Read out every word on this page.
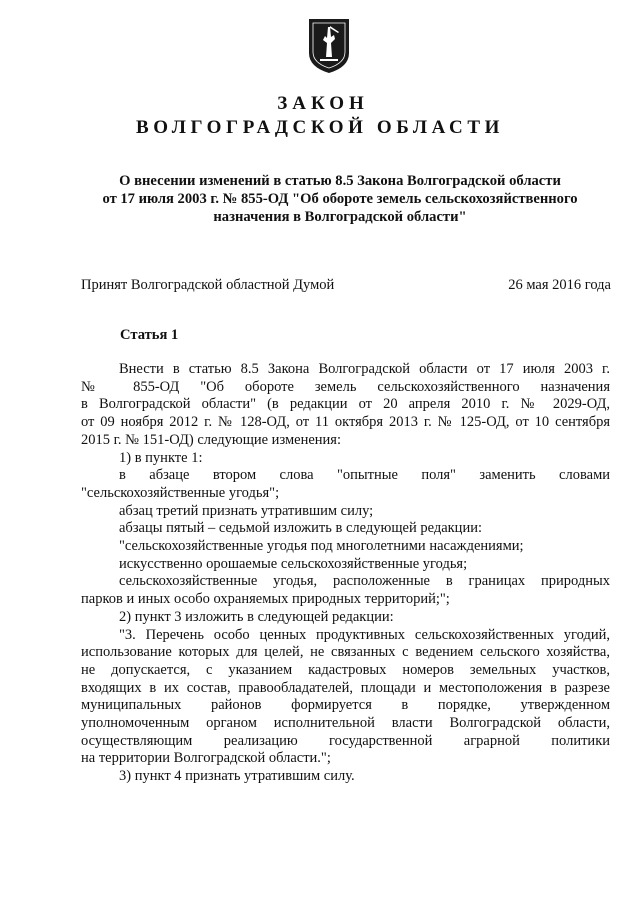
ЗАКОН
ВОЛГОГРАДСКОЙ ОБЛАСТИ
О внесении изменений в статью 8.5 Закона Волгоградской области
от 17 июля 2003 г. № 855-ОД "Об обороте земель сельскохозяйственного
назначения в Волгоградской области"
Принят Волгоградской областной Думой	26 мая 2016 года
Статья 1

Внести в статью 8.5 Закона Волгоградской области от 17 июля 2003 г.

№ 855-ОД "Об обороте земель сельскохозяйственного назначения

в Волгоградской области" (в редакции от 20 апреля 2010 г. № 2029-ОД,

от 09 ноября 2012 г. № 128-ОД, от 11 октября 2013 г. № 125-ОД, от 10 сентября

2015 г. № 151-ОД) следующие изменения:

1) в пункте 1:

в абзаце втором слова "опытные поля" заменить словами

"сельскохозяйственные угодья";

абзац третий признать утратившим силу;

абзацы пятый – седьмой изложить в следующей редакции:

"сельскохозяйственные угодья под многолетними насаждениями;

искусственно орошаемые сельскохозяйственные угодья;

сельскохозяйственные угодья, расположенные в границах природных

парков и иных особо охраняемых природных территорий;";

2) пункт 3 изложить в следующей редакции:

"3. Перечень особо ценных продуктивных сельскохозяйственных угодий,

использование которых для целей, не связанных с ведением сельского хозяйства,

не допускается, с указанием кадастровых номеров земельных участков,

входящих в их состав, правообладателей, площади и местоположения в разрезе

муниципальных районов формируется в порядке, утвержденном

уполномоченным органом исполнительной власти Волгоградской области,

осуществляющим реализацию государственной аграрной политики

на территории Волгоградской области.";

3) пункт 4 признать утратившим силу.
